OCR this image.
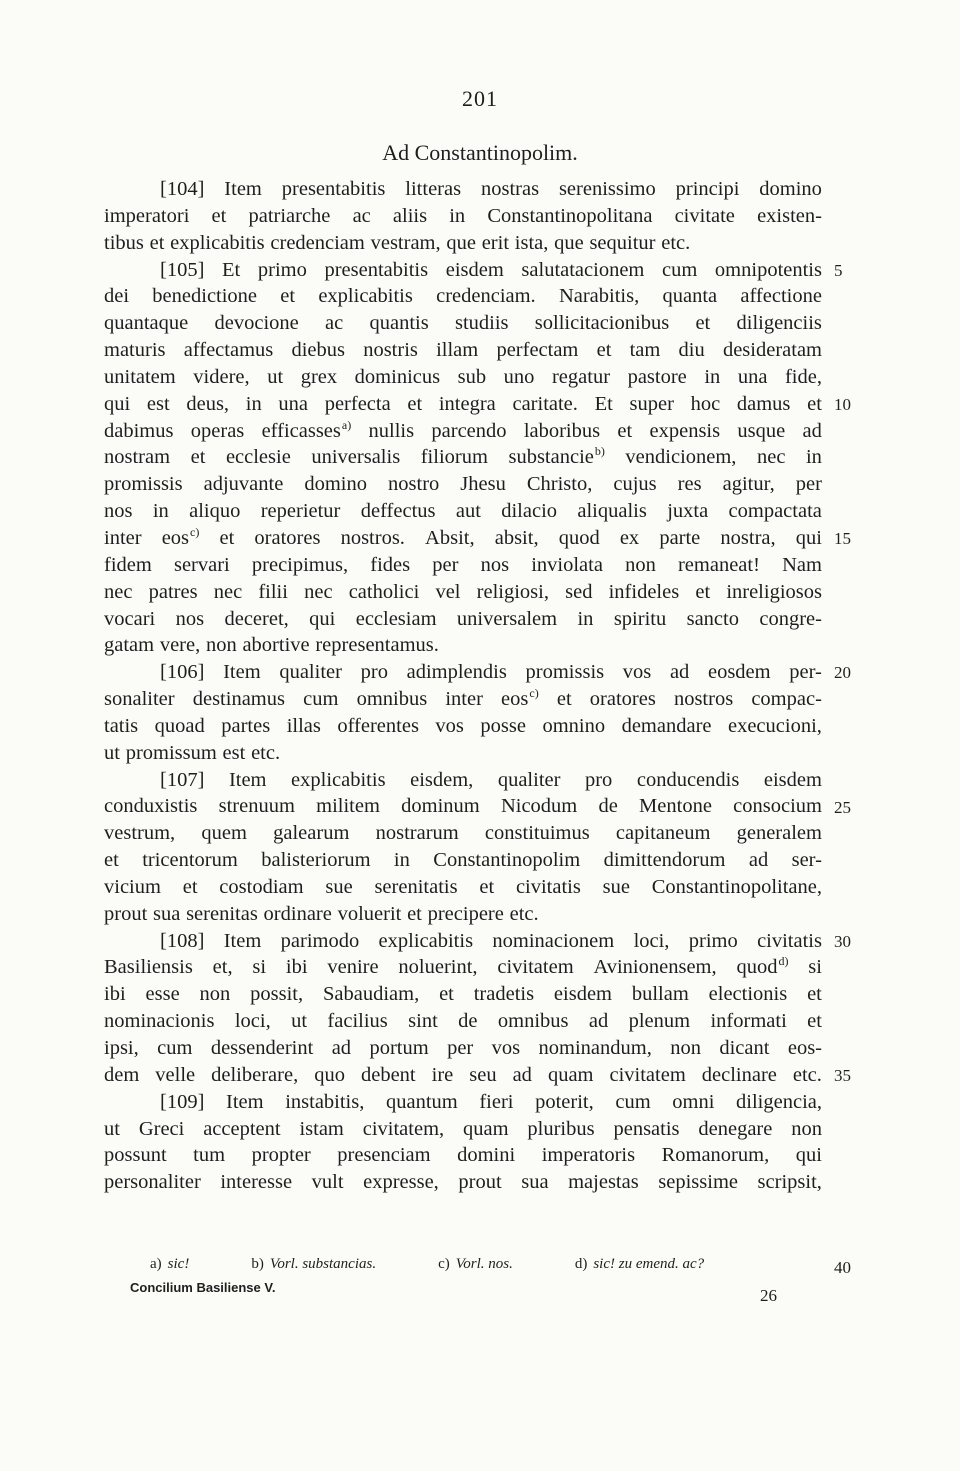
201
Ad Constantinopolim.
[104] Item presentabitis litteras nostras serenissimo principi domino
imperatori et patriarche ac aliis in Constantinopolitana civitate existen-
tibus et explicabitis credenciam vestram, que erit ista, que sequitur etc.
[105] Et primo presentabitis eisdem salutatacionem cum omnipotentis
dei benedictione et explicabitis credenciam. Narabitis, quanta affectione
quantaque devocione ac quantis studiis sollicitacionibus et diligenciis
maturis affectamus diebus nostris illam perfectam et tam diu desideratam
unitatem videre, ut grex dominicus sub uno regatur pastore in una fide,
qui est deus, in una perfecta et integra caritate. Et super hoc damus et
dabimus operas efficasses$^{a)}$ nullis parcendo laboribus et expensis usque ad
nostram et ecclesie universalis filiorum substancie$^{b)}$ vendicionem, nec in
promissis adjuvante domino nostro Jhesu Christo, cujus res agitur, per
nos in aliquo reperietur deffectus aut dilacio aliqualis juxta compactata
inter eos$^{c)}$ et oratores nostros. Absit, absit, quod ex parte nostra, qui
fidem servari precipimus, fides per nos inviolata non remaneat! Nam
nec patres nec filii nec catholici vel religiosi, sed infideles et inreligiosos
vocari nos deceret, qui ecclesiam universalem in spiritu sancto congre-
gatam vere, non abortive representamus.
[106] Item qualiter pro adimplendis promissis vos ad eosdem per-
sonaliter destinamus cum omnibus inter eos$^{c)}$ et oratores nostros compac-
tatis quoad partes illas offerentes vos posse omnino demandare execucioni,
ut promissum est etc.
[107] Item explicabitis eisdem, qualiter pro conducendis eisdem
conduxistis strenuum militem dominum Nicodum de Mentone consocium
vestrum, quem galearum nostrarum constituimus capitaneum generalem
et tricentorum balisteriorum in Constantinopolim dimittendorum ad ser-
vicium et costodiam sue serenitatis et civitatis sue Constantinopolitane,
prout sua serenitas ordinare voluerit et precipere etc.
[108] Item parimodo explicabitis nominacionem loci, primo civitatis
Basiliensis et, si ibi venire noluerint, civitatem Avinionensem, quod$^{d)}$ si
ibi esse non possit, Sabaudiam, et tradetis eisdem bullam electionis et
nominacionis loci, ut facilius sint de omnibus ad plenum informati et
ipsi, cum dessenderint ad portum per vos nominandum, non dicant eos-
dem velle deliberare, quo debent ire seu ad quam civitatem declinare etc.
[109] Item instabitis, quantum fieri poterit, cum omni diligencia,
ut Greci acceptent istam civitatem, quam pluribus pensatis denegare non
possunt tum propter presenciam domini imperatoris Romanorum, qui
personaliter interesse vult expresse, prout sua majestas sepissime scripsit,
a) sic!	b) Vorl. substancias.	c) Vorl. nos.	d) sic! zu emend. ac?	40
Concilium Basiliense V.	26
5
10
15
20
25
30
35
